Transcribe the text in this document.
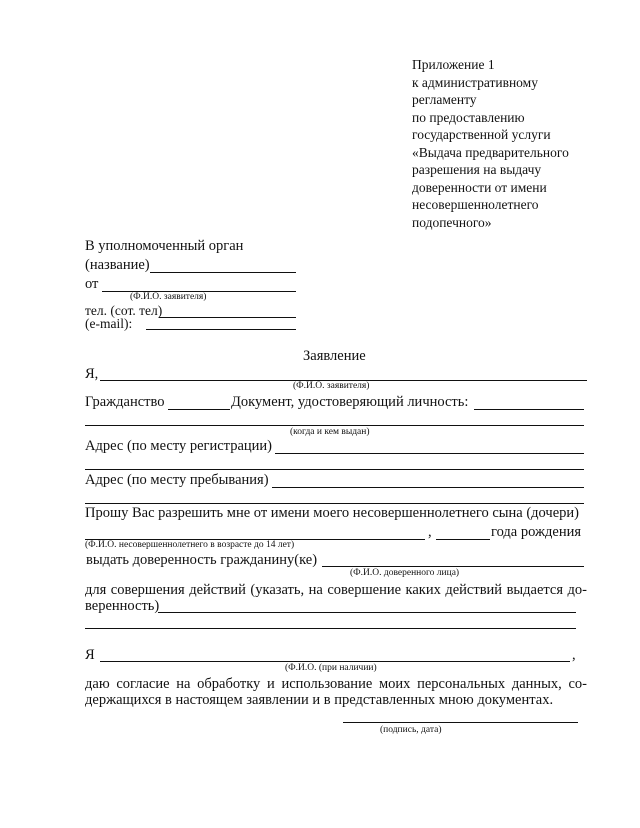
Приложение 1
к административному
регламенту
по предоставлению
государственной услуги
«Выдача предварительного
разрешения на выдачу
доверенности от имени
несовершеннолетнего
подопечного»
В уполномоченный орган
(название)
от
(Ф.И.О. заявителя)
тел. (сот. тел)
(e-mail):
Заявление
Я,
(Ф.И.О. заявителя)
Гражданство	Документ, удостоверяющий личность:
(когда и кем выдан)
Адрес (по месту регистрации)
Адрес (по месту пребывания)
Прошу Вас разрешить мне от имени моего несовершеннолетнего сына (дочери)
,	года рождения
(Ф.И.О. несовершеннолетнего в возрасте до 14 лет)
выдать доверенность гражданину(ке)
(Ф.И.О. доверенного лица)
для совершения действий (указать, на совершение каких действий выдается до-
веренность)
Я	,
(Ф.И.О. (при наличии)
даю согласие на обработку и использование моих персональных данных, со-
держащихся в настоящем заявлении и в представленных мною документах.
(подпись, дата)
